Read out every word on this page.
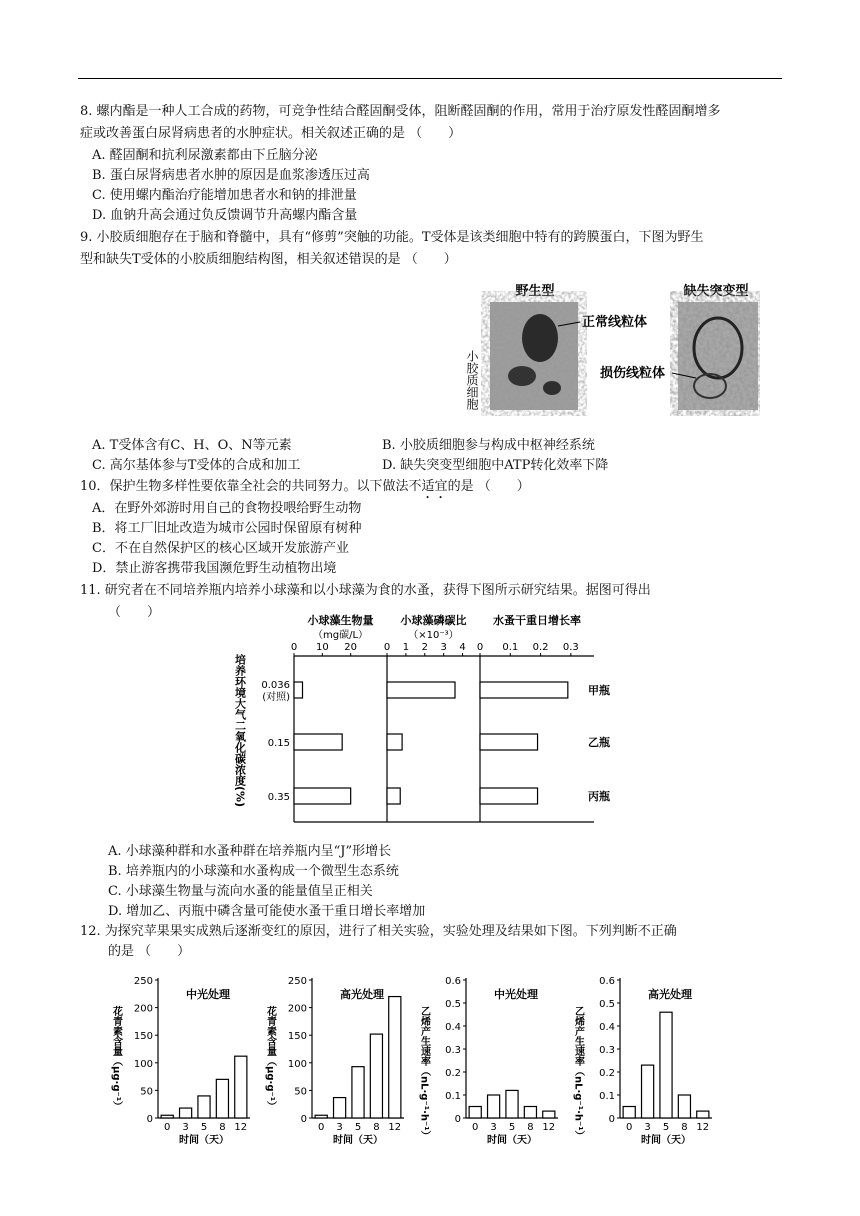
8. 螺内酯是一种人工合成的药物，可竞争性结合醛固酮受体，阻断醛固酮的作用，常用于治疗原发性醛固酮增多
症或改善蛋白尿肾病患者的水肿症状。相关叙述正确的是 （　　）
A. 醛固酮和抗利尿激素都由下丘脑分泌
B. 蛋白尿肾病患者水肿的原因是血浆渗透压过高
C. 使用螺内酯治疗能增加患者水和钠的排泄量
D. 血钠升高会通过负反馈调节升高螺内酯含量
9. 小胶质细胞存在于脑和脊髓中，具有“修剪”突触的功能。T受体是该类细胞中特有的跨膜蛋白，下图为野生
型和缺失T受体的小胶质细胞结构图，相关叙述错误的是 （　　）
小胶质细胞
野生型
正常线粒体
缺失突变型
损伤线粒体
A. T受体含有C、H、O、N等元素	B. 小胶质细胞参与构成中枢神经系统
C. 高尔基体参与T受体的合成和加工	D. 缺失突变型细胞中ATP转化效率下降
10．保护生物多样性要依靠全社会的共同努力。以下做法不适宜的是 （　　）
A．在野外郊游时用自己的食物投喂给野生动物
B．将工厂旧址改造为城市公园时保留原有树种
C．不在自然保护区的核心区域开发旅游产业
D．禁止游客携带我国濒危野生动植物出境
11. 研究者在不同培养瓶内培养小球藻和以小球藻为食的水蚤，获得下图所示研究结果。据图可得出
（　　）
培养环境大气二氧化碳浓度(%) 0.036
(对照)
0.15
0.35
小球藻生物量
（mg碳/L）
0 10 20
小球藻磷碳比
（×10⁻³）
0 1 2 3 4
水蚤干重日增长率
0 0.1 0.2 0.3
甲瓶
乙瓶
丙瓶
A. 小球藻种群和水蚤种群在培养瓶内呈“J”形增长
B. 培养瓶内的小球藻和水蚤构成一个微型生态系统
C. 小球藻生物量与流向水蚤的能量值呈正相关
D. 增加乙、丙瓶中磷含量可能使水蚤干重日增长率增加
12. 为探究苹果果实成熟后逐渐变红的原因，进行了相关实验，实验处理及结果如下图。下列判断不正确
的是 （　　）
花青素含量（μg·g⁻¹）
0
50
100
150
200
250
中光处理
0 3 5 8 12
时间（天）
花青素含量（μg·g⁻¹）
0
50
100
150
200
250
高光处理
0 3 5 8 12
时间（天）	乙烯产生速率（nL·g⁻¹·h⁻¹）	0
0.1
0.2
0.3
0.4
0.5
0.6
中光处理
0 3 5 8 12
时间（天）	乙烯产生速率（nL·g⁻¹·h⁻¹）	0
0.1
0.2
0.3
0.4
0.5
0.6
高光处理
0 3 5 8 12
时间（天）
